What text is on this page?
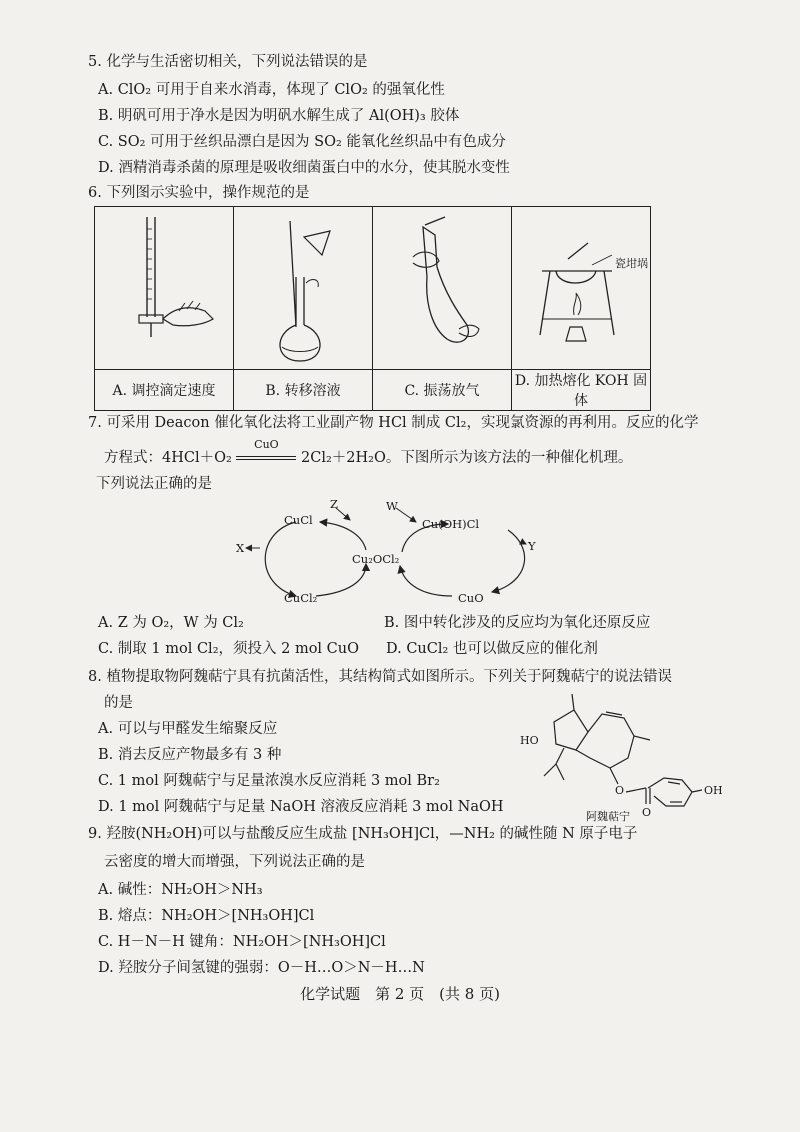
5. 化学与生活密切相关，下列说法错误的是
A. ClO₂ 可用于自来水消毒，体现了 ClO₂ 的强氧化性
B. 明矾可用于净水是因为明矾水解生成了 Al(OH)₃ 胶体
C. SO₂ 可用于丝织品漂白是因为 SO₂ 能氧化丝织品中有色成分
D. 酒精消毒杀菌的原理是吸收细菌蛋白中的水分，使其脱水变性
6. 下列图示实验中，操作规范的是

瓷坩埚

A. 调控滴定速度	B. 转移溶液	C. 振荡放气	D. 加热熔化 KOH 固体
7. 可采用 Deacon 催化氧化法将工业副产物 HCl 制成 Cl₂，实现氯资源的再利用。反应的化学
方程式：4HCl＋O₂
CuO
2Cl₂＋2H₂O。下图所示为该方法的一种催化机理。
下列说法正确的是
CuCl	Cu(OH)Cl
Cu₂OCl₂
CuCl₂	CuO
X	Y
Z	W
A. Z 为 O₂，W 为 Cl₂	B. 图中转化涉及的反应均为氧化还原反应
C. 制取 1 mol Cl₂，须投入 2 mol CuO D. CuCl₂ 也可以做反应的催化剂
8. 植物提取物阿魏萜宁具有抗菌活性，其结构简式如图所示。下列关于阿魏萜宁的说法错误
的是
A. 可以与甲醛发生缩聚反应
B. 消去反应产物最多有 3 种
C. 1 mol 阿魏萜宁与足量浓溴水反应消耗 3 mol Br₂
D. 1 mol 阿魏萜宁与足量 NaOH 溶液反应消耗 3 mol NaOH
HO
O
O
OH
阿魏萜宁
9. 羟胺(NH₂OH)可以与盐酸反应生成盐 [NH₃OH]Cl，—NH₂ 的碱性随 N 原子电子
云密度的增大而增强，下列说法正确的是
A. 碱性：NH₂OH＞NH₃
B. 熔点：NH₂OH＞[NH₃OH]Cl
C. H－N－H 键角：NH₂OH＞[NH₃OH]Cl
D. 羟胺分子间氢键的强弱：O－H…O＞N－H…N
化学试题　第 2 页　(共 8 页)
